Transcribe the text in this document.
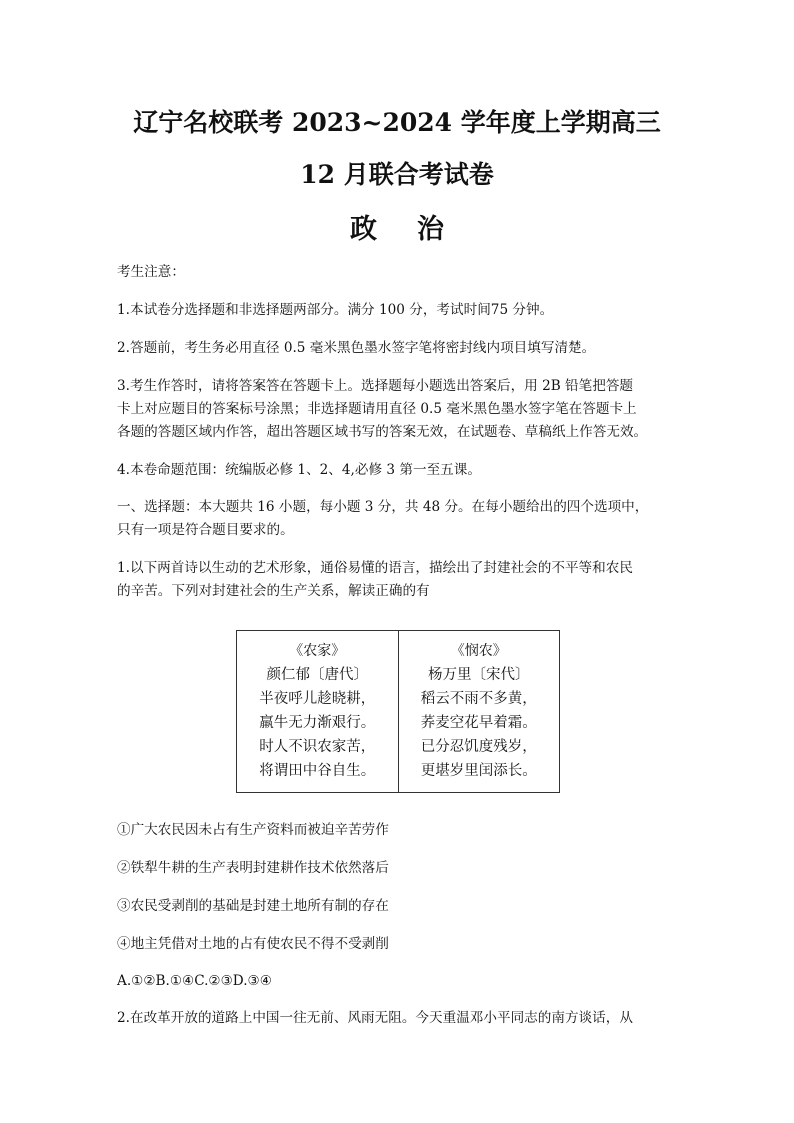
辽宁名校联考 2023~2024 学年度上学期高三
12 月联合考试卷
政治
考生注意：
1.本试卷分选择题和非选择题两部分。满分 100 分，考试时间75 分钟。
2.答题前，考生务必用直径 0.5 毫米黑色墨水签字笔将密封线内项目填写清楚。
3.考生作答时，请将答案答在答题卡上。选择题每小题选出答案后，用 2B 铅笔把答题
卡上对应题目的答案标号涂黑；非选择题请用直径 0.5 毫米黑色墨水签字笔在答题卡上
各题的答题区域内作答，超出答题区域书写的答案无效，在试题卷、草稿纸上作答无效。
4.本卷命题范围：统编版必修 1、2、4,必修 3 第一至五课。
一、选择题：本大题共 16 小题，每小题 3 分，共 48 分。在每小题给出的四个选项中，
只有一项是符合题目要求的。
1.以下两首诗以生动的艺术形象，通俗易懂的语言，描绘出了封建社会的不平等和农民
的辛苦。下列对封建社会的生产关系，解读正确的有
《农家》
颜仁郁〔唐代〕
半夜呼儿趁晓耕，
羸牛无力渐艰行。
时人不识农家苦，
将谓田中谷自生。
《悯农》
杨万里〔宋代〕
稻云不雨不多黄，
荞麦空花早着霜。
已分忍饥度残岁，
更堪岁里闰添长。
①广大农民因未占有生产资料而被迫辛苦劳作
②铁犁牛耕的生产表明封建耕作技术依然落后
③农民受剥削的基础是封建土地所有制的存在
④地主凭借对土地的占有使农民不得不受剥削
A.①②B.①④C.②③D.③④
2.在改革开放的道路上中国一往无前、风雨无阻。今天重温邓小平同志的南方谈话，从
